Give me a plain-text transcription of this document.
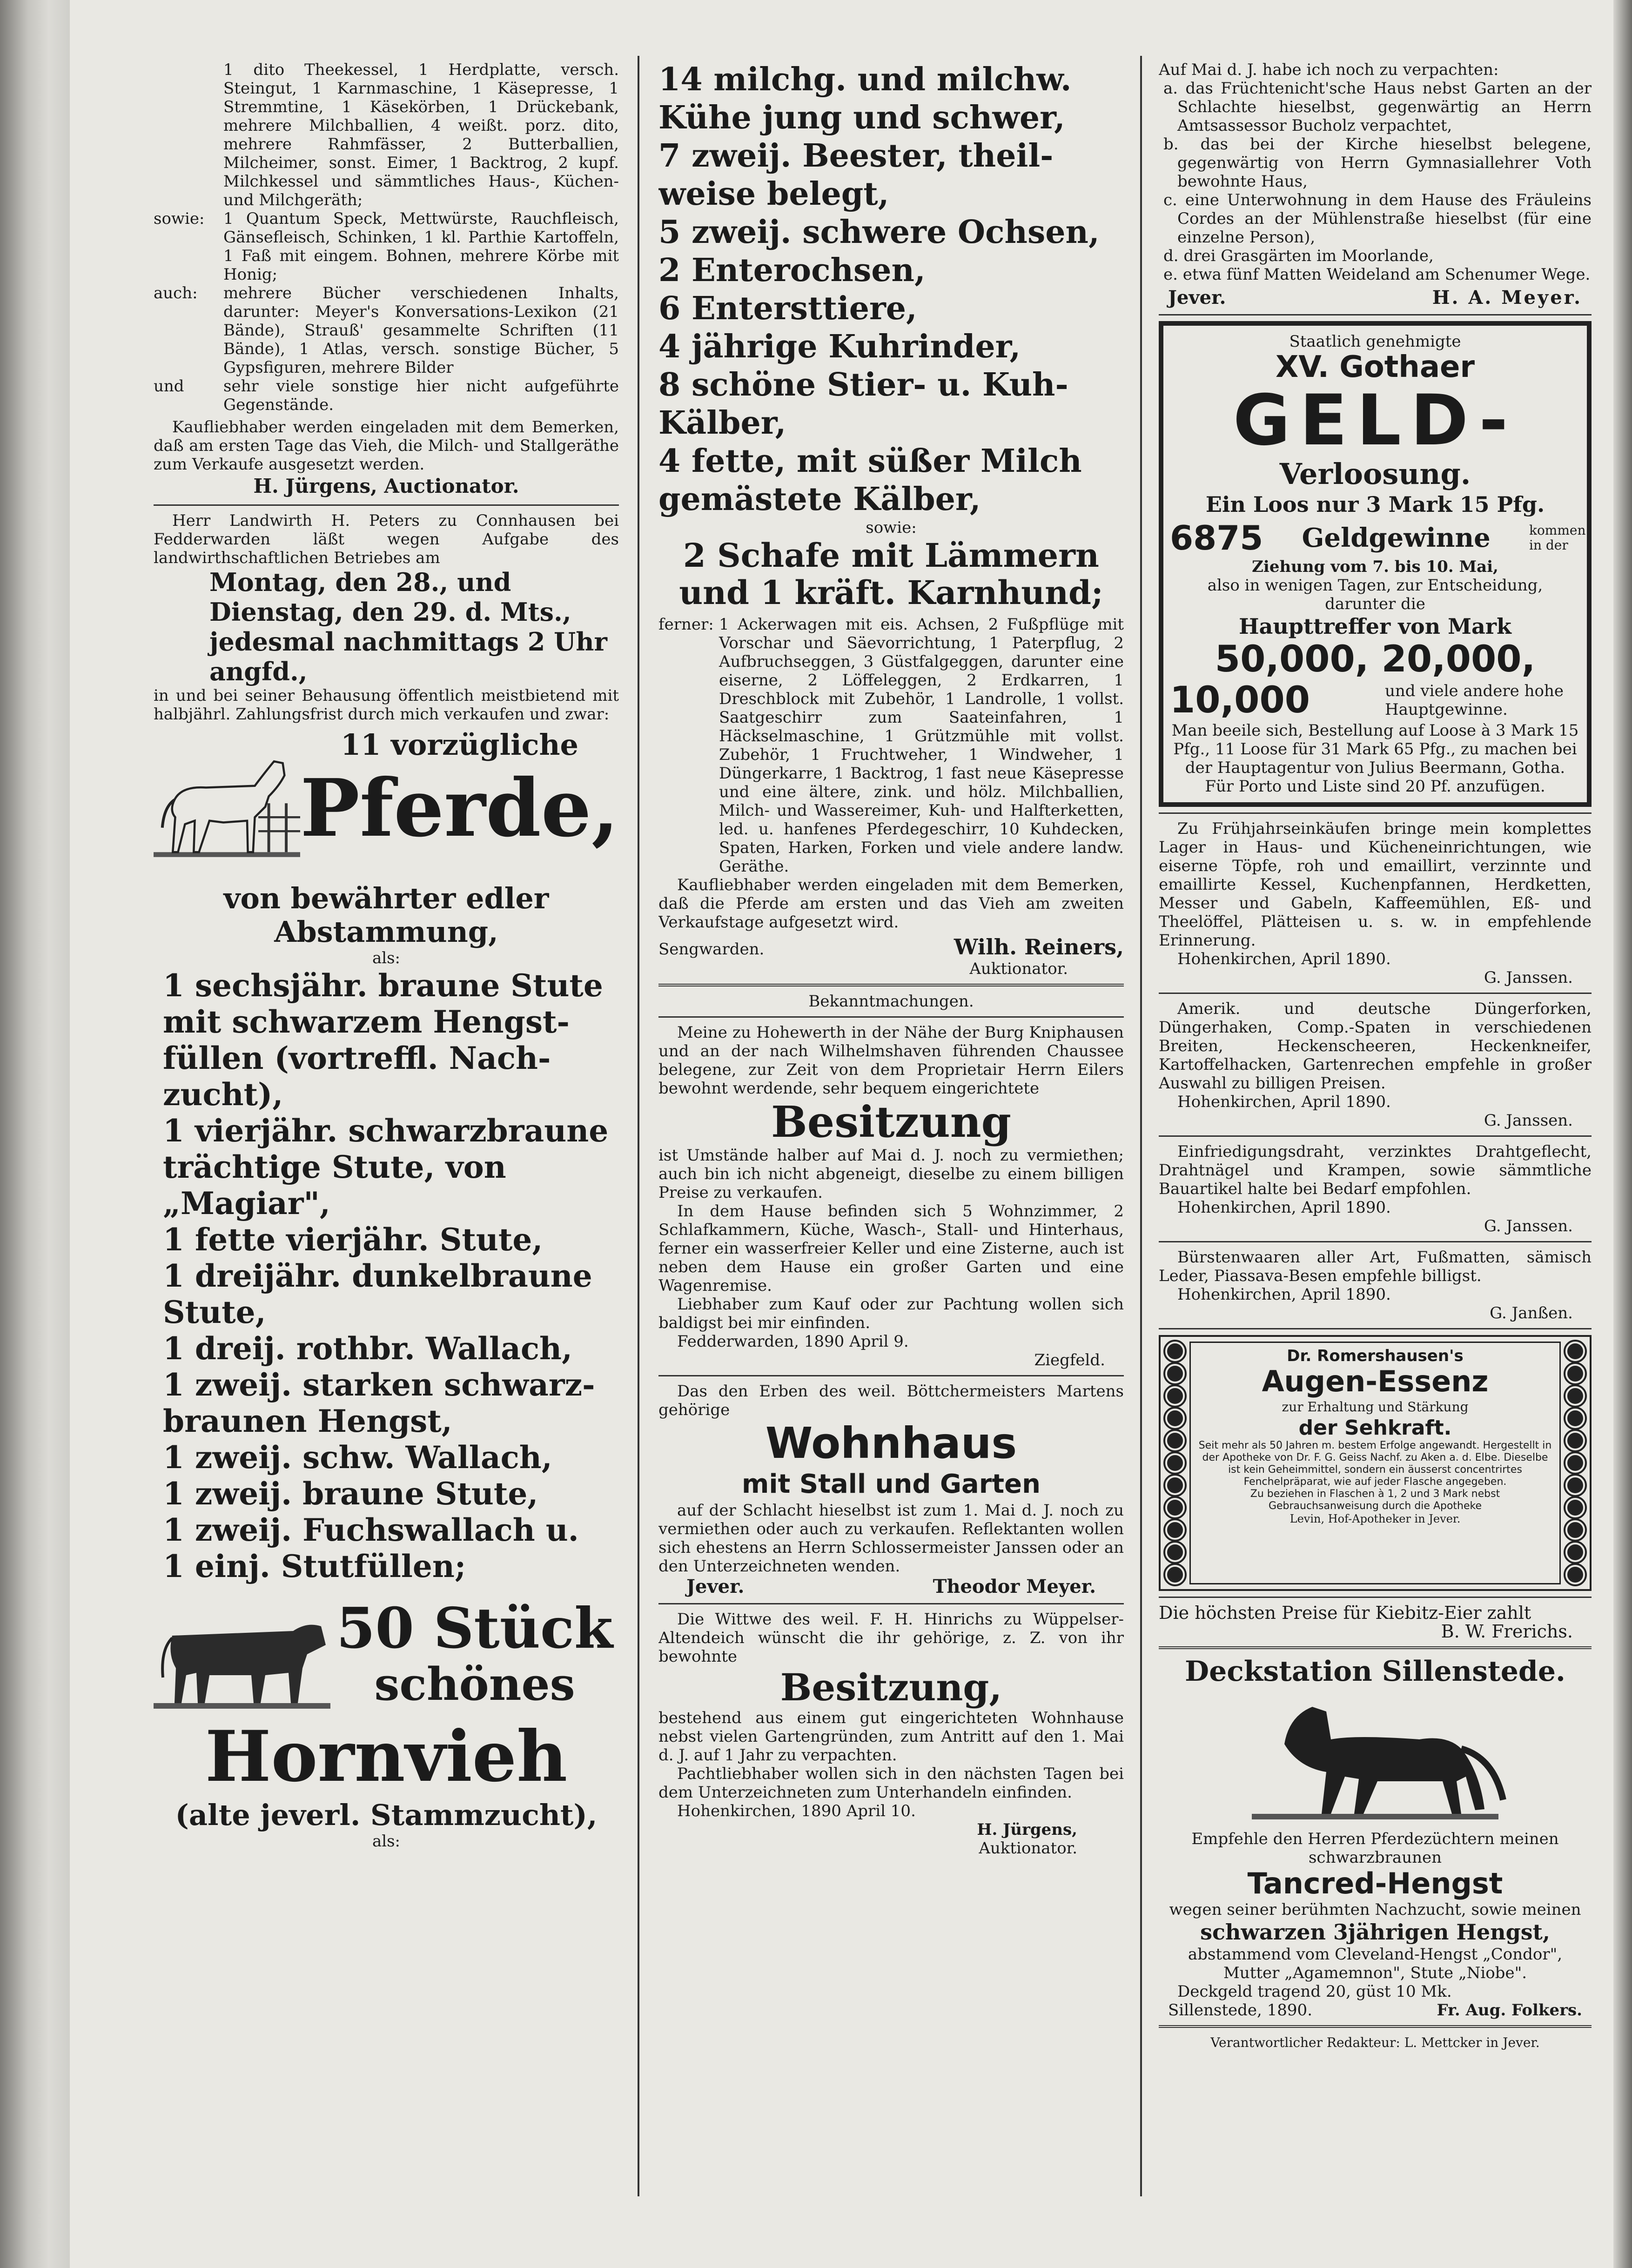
1 dito Theekessel, 1 Herdplatte, versch. Steingut, 1 Karnmaschine, 1 Käsepresse, 1 Stremmtine, 1 Käsekörben, 1 Drückebank, mehrere Milchballien, 4 weißt. porz. dito, mehrere Rahmfässer, 2 Butterballien, Milcheimer, sonst. Eimer, 1 Backtrog, 2 kupf. Milchkessel und sämmtliches Haus-, Küchen- und Milchgeräth;

sowie:	1 Quantum Speck, Mettwürste, Rauchfleisch, Gänsefleisch, Schinken, 1 kl. Parthie Kartoffeln, 1 Faß mit eingem. Bohnen, mehrere Körbe mit Honig;
auch:	mehrere Bücher verschiedenen Inhalts, darunter: Meyer's Konversations-Lexikon (21 Bände), Strauß' gesammelte Schriften (11 Bände), 1 Atlas, versch. sonstige Bücher, 5 Gypsfiguren, mehrere Bilder
und	sehr viele sonstige hier nicht aufgeführte Gegenstände.

Kaufliebhaber werden eingeladen mit dem Bemerken, daß am ersten Tage das Vieh, die Milch- und Stallgeräthe zum Verkaufe ausgesetzt werden.

H. Jürgens, Auctionator.

Herr Landwirth H. Peters zu Connhausen bei Fedderwarden läßt wegen Aufgabe des landwirthschaftlichen Betriebes am

Montag, den 28., und Dienstag, den 29. d. Mts., jedesmal nachmittags 2 Uhr angfd.,

in und bei seiner Behausung öffentlich meistbietend mit halbjährl. Zahlungsfrist durch mich verkaufen und zwar:

11 vorzügliche

Pferde,

von bewährter edler

Abstammung,

als:

1 sechsjähr. braune Stute

mit schwarzem Hengst-

füllen (vortreffl. Nach-

zucht),

1 vierjähr. schwarzbraune

trächtige Stute, von

„Magiar",

1 fette vierjähr. Stute,

1 dreijähr. dunkelbraune

Stute,

1 dreij. rothbr. Wallach,

1 zweij. starken schwarz-

braunen Hengst,

1 zweij. schw. Wallach,

1 zweij. braune Stute,

1 zweij. Fuchswallach u.

1 einj. Stutfüllen;

50 Stück

schönes

Hornvieh

(alte jeverl. Stammzucht),

als:

14 milchg. und milchw.

Kühe jung und schwer,

7 zweij. Beester, theil-

weise belegt,

5 zweij. schwere Ochsen,

2 Enterochsen,

6 Entersttiere,

4 jährige Kuhrinder,

8 schöne Stier- u. Kuh-

Kälber,

4 fette, mit süßer Milch

gemästete Kälber,

sowie:

2 Schafe mit Lämmern und 1 kräft. Karnhund;

ferner: 1 Ackerwagen mit eis. Achsen, 2 Fußpflüge mit Vorschar und Säevorrichtung, 1 Paterpflug, 2 Aufbruchseggen, 3 Güstfalgeggen, darunter eine eiserne, 2 Löffeleggen, 2 Erdkarren, 1 Dreschblock mit Zubehör, 1 Landrolle, 1 vollst. Saatgeschirr zum Saateinfahren, 1 Häckselmaschine, 1 Grützmühle mit vollst. Zubehör, 1 Fruchtweher, 1 Windweher, 1 Düngerkarre, 1 Backtrog, 1 fast neue Käsepresse und eine ältere, zink. und hölz. Milchballien, Milch- und Wassereimer, Kuh- und Halfterketten, led. u. hanfenes Pferdegeschirr, 10 Kuhdecken, Spaten, Harken, Forken und viele andere landw. Geräthe.

Kaufliebhaber werden eingeladen mit dem Bemerken, daß die Pferde am ersten und das Vieh am zweiten Verkaufstage aufgesetzt wird.

Sengwarden.	Wilh. Reiners,

Auktionator.

Bekanntmachungen.

Meine zu Hohewerth in der Nähe der Burg Kniphausen und an der nach Wilhelmshaven führenden Chaussee belegene, zur Zeit von dem Proprietair Herrn Eilers bewohnt werdende, sehr bequem eingerichtete

Besitzung

ist Umstände halber auf Mai d. J. noch zu vermiethen; auch bin ich nicht abgeneigt, dieselbe zu einem billigen Preise zu verkaufen.

In dem Hause befinden sich 5 Wohnzimmer, 2 Schlafkammern, Küche, Wasch-, Stall- und Hinterhaus, ferner ein wasserfreier Keller und eine Zisterne, auch ist neben dem Hause ein großer Garten und eine Wagenremise.

Liebhaber zum Kauf oder zur Pachtung wollen sich baldigst bei mir einfinden.

Fedderwarden, 1890 April 9.

Ziegfeld.

Das den Erben des weil. Böttchermeisters Martens gehörige

Wohnhaus

mit Stall und Garten

auf der Schlacht hieselbst ist zum 1. Mai d. J. noch zu vermiethen oder auch zu verkaufen. Reflektanten wollen sich ehestens an Herrn Schlossermeister Janssen oder an den Unterzeichneten wenden.

Jever.	Theodor Meyer.

Die Wittwe des weil. F. H. Hinrichs zu Wüppelser-Altendeich wünscht die ihr gehörige, z. Z. von ihr bewohnte

Besitzung,

bestehend aus einem gut eingerichteten Wohnhause nebst vielen Gartengründen, zum Antritt auf den 1. Mai d. J. auf 1 Jahr zu verpachten.

Pachtliebhaber wollen sich in den nächsten Tagen bei dem Unterzeichneten zum Unterhandeln einfinden.

Hohenkirchen, 1890 April 10.

H. Jürgens,

Auktionator.

Auf Mai d. J. habe ich noch zu verpachten:

a. das Früchtenicht'sche Haus nebst Garten an der Schlachte hieselbst, gegenwärtig an Herrn Amtsassessor Bucholz verpachtet,

b. das bei der Kirche hieselbst belegene, gegenwärtig von Herrn Gymnasiallehrer Voth bewohnte Haus,

c. eine Unterwohnung in dem Hause des Fräuleins Cordes an der Mühlenstraße hieselbst (für eine einzelne Person),

d. drei Grasgärten im Moorlande,

e. etwa fünf Matten Weideland am Schenumer Wege.

Jever.	H. A. Meyer.

Staatlich genehmigte

XV. Gothaer

GELD-

Verloosung.

Ein Loos nur 3 Mark 15 Pfg.

6875 Geldgewinne	kommen in der

Ziehung vom 7. bis 10. Mai,

also in wenigen Tagen, zur Entscheidung, darunter die

Haupttreffer von Mark

50,000, 20,000,

10,000	und viele andere hohe Hauptgewinne.

Man beeile sich, Bestellung auf Loose à 3 Mark 15 Pfg., 11 Loose für 31 Mark 65 Pfg., zu machen bei der Hauptagentur von Julius Beermann, Gotha.

Für Porto und Liste sind 20 Pf. anzufügen.

Zu Frühjahrseinkäufen bringe mein komplettes Lager in Haus- und Kücheneinrichtungen, wie eiserne Töpfe, roh und emaillirt, verzinnte und emaillirte Kessel, Kuchenpfannen, Herdketten, Messer und Gabeln, Kaffeemühlen, Eß- und Theelöffel, Plätteisen u. s. w. in empfehlende Erinnerung.

Hohenkirchen, April 1890.

G. Janssen.

Amerik. und deutsche Düngerforken, Düngerhaken, Comp.-Spaten in verschiedenen Breiten, Heckenscheeren, Heckenkneifer, Kartoffelhacken, Gartenrechen empfehle in großer Auswahl zu billigen Preisen.

Hohenkirchen, April 1890.

G. Janssen.

Einfriedigungsdraht, verzinktes Drahtgeflecht, Drahtnägel und Krampen, sowie sämmtliche Bauartikel halte bei Bedarf empfohlen.

Hohenkirchen, April 1890.

G. Janssen.

Bürstenwaaren aller Art, Fußmatten, sämisch Leder, Piassava-Besen empfehle billigst.

Hohenkirchen, April 1890.

G. Janßen.

Dr. Romershausen's

Augen-Essenz

zur Erhaltung und Stärkung

der Sehkraft.

Seit mehr als 50 Jahren m. bestem Erfolge angewandt. Hergestellt in der Apotheke von Dr. F. G. Geiss Nachf. zu Aken a. d. Elbe. Dieselbe ist kein Geheimmittel, sondern ein äusserst concentrirtes Fenchelpräparat, wie auf jeder Flasche angegeben.

Zu beziehen in Flaschen à 1, 2 und 3 Mark nebst Gebrauchsanweisung durch die Apotheke

Levin, Hof-Apotheker in Jever.

Die höchsten Preise für Kiebitz-Eier zahlt

B. W. Frerichs.

Deckstation Sillenstede.

Empfehle den Herren Pferdezüchtern meinen schwarzbraunen

Tancred-Hengst

wegen seiner berühmten Nachzucht, sowie meinen

schwarzen 3jährigen Hengst,

abstammend vom Cleveland-Hengst „Condor", Mutter „Agamemnon", Stute „Niobe".

Deckgeld tragend 20, güst 10 Mk.

Sillenstede, 1890.	Fr. Aug. Folkers.

Verantwortlicher Redakteur: L. Mettcker in Jever.
